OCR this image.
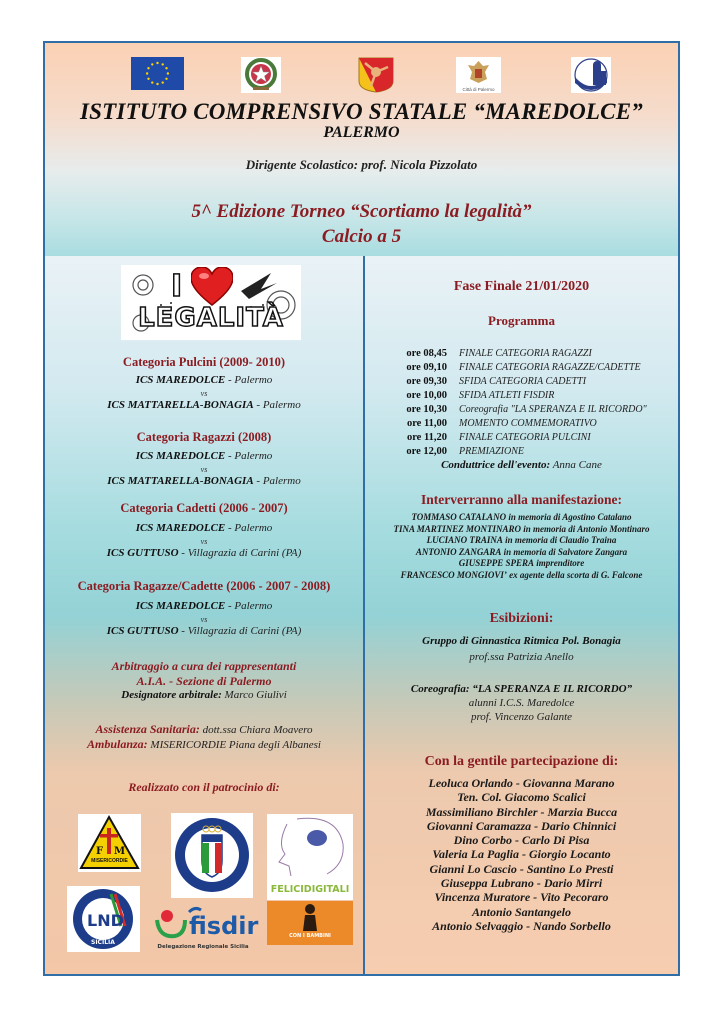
Città di Palermo
ISTITUTO COMPRENSIVO STATALE “MAREDOLCE”
PALERMO
Dirigente Scolastico: prof. Nicola Pizzolato
5^ Edizione Torneo “Scortiamo la legalità”
Calcio a 5
I
LEGALITÀ
Categoria Pulcini (2009- 2010)
ICS MAREDOLCE - Palermo
vs
ICS MATTARELLA-BONAGIA - Palermo
Categoria Ragazzi (2008)
ICS MAREDOLCE - Palermo
vs
ICS MATTARELLA-BONAGIA - Palermo
Categoria Cadetti (2006 - 2007)
ICS MAREDOLCE - Palermo
vs
ICS GUTTUSO - Villagrazia di Carini (PA)
Categoria Ragazze/Cadette (2006 - 2007 - 2008)
ICS MAREDOLCE - Palermo
vs
ICS GUTTUSO - Villagrazia di Carini (PA)
Arbitraggio a cura dei rappresentanti
A.I.A. - Sezione di Palermo
Designatore arbitrale: Marco Giulivi
Assistenza Sanitaria: dott.ssa Chiara Moavero
Ambulanza: MISERICORDIE Piana degli Albanesi
Realizzato con il patrocinio di:
F M
MISERICORDIE
FELICIDIGITALI
LND
SICILIA
fisdir
Delegazione Regionale Sicilia
CON I BAMBINI
Fase Finale 21/01/2020
Programma
ore 08,45 FINALE CATEGORIA RAGAZZI
ore 09,10 FINALE CATEGORIA RAGAZZE/CADETTE
ore 09,30 SFIDA CATEGORIA CADETTI
ore 10,00 SFIDA ATLETI FISDIR
ore 10,30 Coreografia "LA SPERANZA E IL RICORDO"
ore 11,00 MOMENTO COMMEMORATIVO
ore 11,20 FINALE CATEGORIA PULCINI
ore 12,00 PREMIAZIONE
Conduttrice dell'evento: Anna Cane
Interverranno alla manifestazione:
TOMMASO CATALANO in memoria di Agostino Catalano
TINA MARTINEZ MONTINARO in memoria di Antonio Montinaro
LUCIANO TRAINA in memoria di Claudio Traina
ANTONIO ZANGARA in memoria di Salvatore Zangara
GIUSEPPE SPERA imprenditore
FRANCESCO MONGIOVI’ ex agente della scorta di G. Falcone
Esibizioni:
Gruppo di Ginnastica Ritmica Pol. Bonagia
prof.ssa Patrizia Anello
Coreografia: “LA SPERANZA E IL RICORDO”
alunni I.C.S. Maredolce
prof. Vincenzo Galante
Con la gentile partecipazione di:
Leoluca Orlando - Giovanna Marano
Ten. Col. Giacomo Scalici
Massimiliano Birchler - Marzia Bucca
Giovanni Caramazza - Dario Chinnici
Dino Corbo - Carlo Di Pisa
Valeria La Paglia - Giorgio Locanto
Gianni Lo Cascio - Santino Lo Presti
Giuseppa Lubrano - Dario Mirri
Vincenza Muratore - Vito Pecoraro
Antonio Santangelo
Antonio Selvaggio - Nando Sorbello
